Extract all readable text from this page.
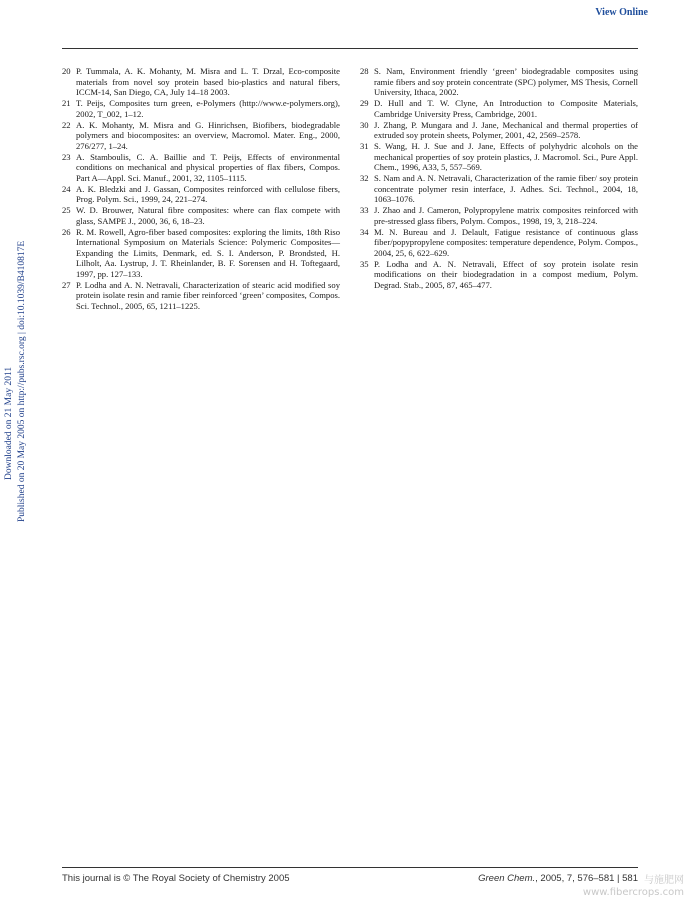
View Online
Downloaded on 21 May 2011 Published on 20 May 2005 on http://pubs.rsc.org | doi:10.1039/B410817E
20 P. Tummala, A. K. Mohanty, M. Misra and L. T. Drzal, Eco-composite materials from novel soy protein based bio-plastics and natural fibers, ICCM-14, San Diego, CA, July 14–18 2003.
21 T. Peijs, Composites turn green, e-Polymers (http://www.e-polymers.org), 2002, T_002, 1–12.
22 A. K. Mohanty, M. Misra and G. Hinrichsen, Biofibers, biodegradable polymers and biocomposites: an overview, Macromol. Mater. Eng., 2000, 276/277, 1–24.
23 A. Stamboulis, C. A. Baillie and T. Peijs, Effects of environmental conditions on mechanical and physical properties of flax fibers, Compos. Part A—Appl. Sci. Manuf., 2001, 32, 1105–1115.
24 A. K. Bledzki and J. Gassan, Composites reinforced with cellulose fibers, Prog. Polym. Sci., 1999, 24, 221–274.
25 W. D. Brouwer, Natural fibre composites: where can flax compete with glass, SAMPE J., 2000, 36, 6, 18–23.
26 R. M. Rowell, Agro-fiber based composites: exploring the limits, 18th Riso International Symposium on Materials Science: Polymeric Composites—Expanding the Limits, Denmark, ed. S. I. Anderson, P. Brondsted, H. Lilholt, Aa. Lystrup, J. T. Rheinlander, B. F. Sorensen and H. Toftegaard, 1997, pp. 127–133.
27 P. Lodha and A. N. Netravali, Characterization of stearic acid modified soy protein isolate resin and ramie fiber reinforced ‘green’ composites, Compos. Sci. Technol., 2005, 65, 1211–1225.
28 S. Nam, Environment friendly ‘green’ biodegradable composites using ramie fibers and soy protein concentrate (SPC) polymer, MS Thesis, Cornell University, Ithaca, 2002.
29 D. Hull and T. W. Clyne, An Introduction to Composite Materials, Cambridge University Press, Cambridge, 2001.
30 J. Zhang, P. Mungara and J. Jane, Mechanical and thermal properties of extruded soy protein sheets, Polymer, 2001, 42, 2569–2578.
31 S. Wang, H. J. Sue and J. Jane, Effects of polyhydric alcohols on the mechanical properties of soy protein plastics, J. Macromol. Sci., Pure Appl. Chem., 1996, A33, 5, 557–569.
32 S. Nam and A. N. Netravali, Characterization of the ramie fiber/ soy protein concentrate polymer resin interface, J. Adhes. Sci. Technol., 2004, 18, 1063–1076.
33 J. Zhao and J. Cameron, Polypropylene matrix composites reinforced with pre-stressed glass fibers, Polym. Compos., 1998, 19, 3, 218–224.
34 M. N. Bureau and J. Delault, Fatigue resistance of continuous glass fiber/popypropylene composites: temperature dependence, Polym. Compos., 2004, 25, 6, 622–629.
35 P. Lodha and A. N. Netravali, Effect of soy protein isolate resin modifications on their biodegradation in a compost medium, Polym. Degrad. Stab., 2005, 87, 465–477.
This journal is © The Royal Society of Chemistry 2005	Green Chem., 2005, 7, 576–581 | 581 与施肥网
www.fibercrops.com
